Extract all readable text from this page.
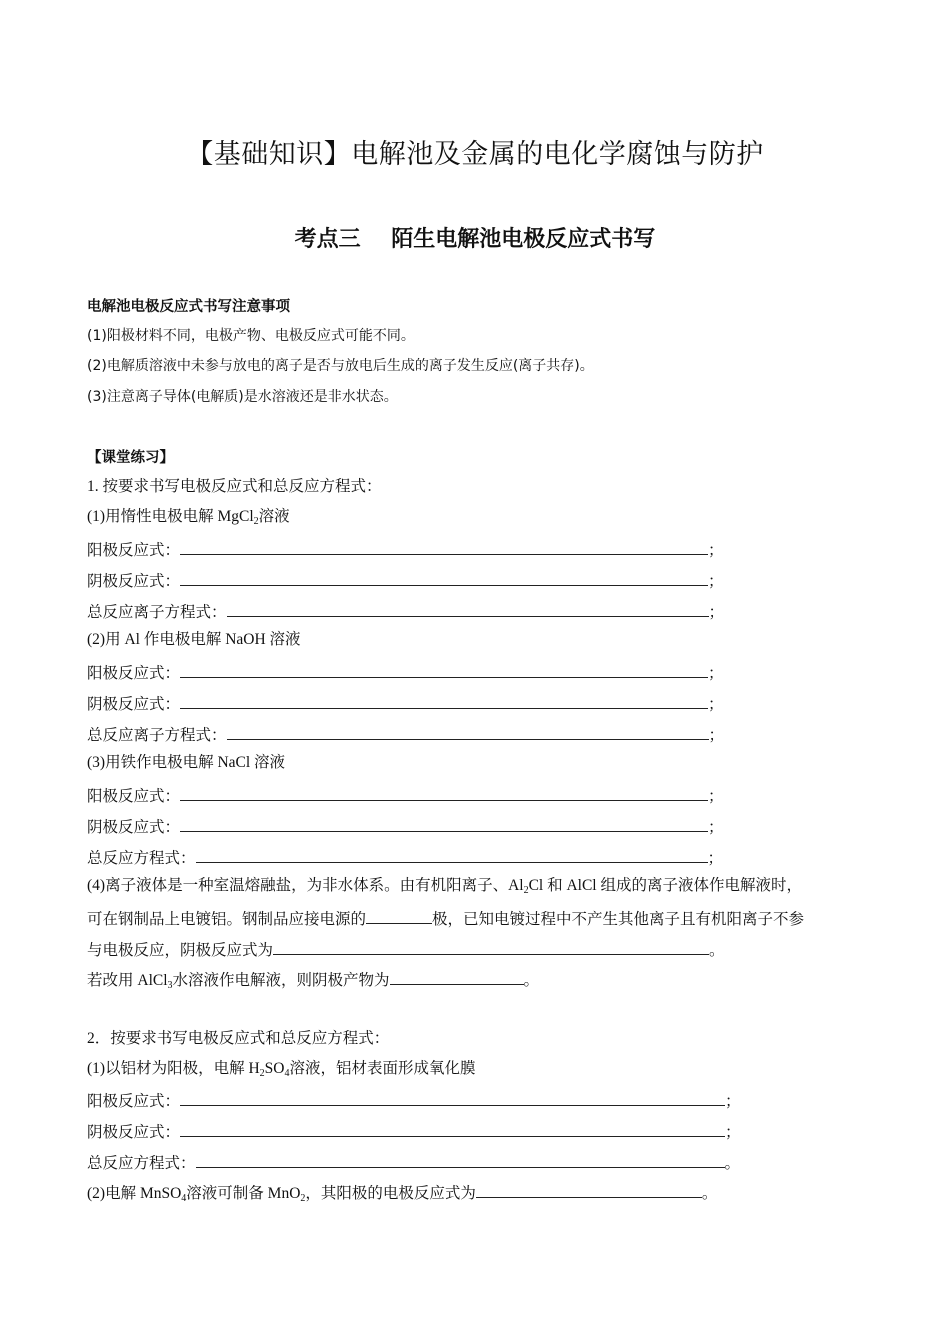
【基础知识】电解池及金属的电化学腐蚀与防护
考点三    陌生电解池电极反应式书写
电解池电极反应式书写注意事项
(1)阳极材料不同，电极产物、电极反应式可能不同。
(2)电解质溶液中未参与放电的离子是否与放电后生成的离子发生反应(离子共存)。
(3)注意离子导体(电解质)是水溶液还是非水状态。
【课堂练习】
1. 按要求书写电极反应式和总反应方程式：
(1)用惰性电极电解 MgCl$_2$溶液
阳极反应式：	；
阴极反应式：	；
总反应离子方程式：	；
(2)用 Al 作电极电解 NaOH 溶液
阳极反应式：	；
阴极反应式：	；
总反应离子方程式：	；
(3)用铁作电极电解 NaCl 溶液
阳极反应式：	；
阴极反应式：	；
总反应方程式：	；
(4)离子液体是一种室温熔融盐，为非水体系。由有机阳离子、$Al_2Cl$ 和 AlCl 组成的离子液体作电解液时，
可在钢制品上电镀铝。钢制品应接电源的	极，已知电镀过程中不产生其他离子且有机阳离子不参
与电极反应，阴极反应式为	。
若改用 AlCl$_3$水溶液作电解液，则阴极产物为	。
2．按要求书写电极反应式和总反应方程式：
(1)以铝材为阳极，电解 $H_2SO_4$溶液，铝材表面形成氧化膜
阳极反应式：	；
阴极反应式：	；
总反应方程式：	。
(2)电解 MnSO$_4$溶液可制备 MnO$_2$，其阳极的电极反应式为	。
